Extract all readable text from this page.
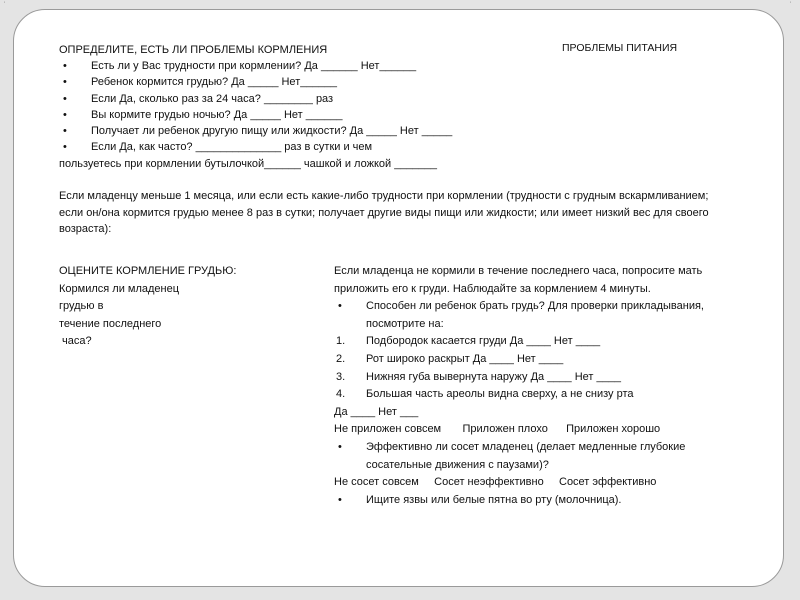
'	'
ОПРЕДЕЛИТЕ, ЕСТЬ ЛИ ПРОБЛЕМЫ КОРМЛЕНИЯ	ПРОБЛЕМЫ ПИТАНИЯ
• Есть ли у Вас трудности при кормлении? Да ______ Нет______
• Ребенок кормится грудью? Да _____ Нет______
• Если Да, сколько раз за 24 часа? ________ раз
• Вы кормите грудью ночью? Да _____ Нет ______
• Получает ли ребенок другую пищу или жидкости? Да _____ Нет _____
• Если Да, как часто? ______________ раз в сутки и чем
пользуетесь при кормлении бутылочкой______ чашкой и ложкой _______
Если младенцу меньше 1 месяца, или если есть какие-либо трудности при кормлении (трудности с грудным вскармливанием; если он/она кормится грудью менее 8 раз в сутки; получает другие виды пищи или жидкости; или имеет низкий вес для своего возраста):
ОЦЕНИТЕ КОРМЛЕНИЕ ГРУДЬЮ:
Кормился ли младенец
грудью в
течение последнего
часа?
Если младенца не кормили в течение последнего часа, попросите мать приложить его к груди. Наблюдайте за кормлением 4 минуты.
• Способен ли ребенок брать грудь? Для проверки прикладывания, посмотрите на:
1. Подбородок касается груди Да ____ Нет ____
2. Рот широко раскрыт Да ____ Нет ____
3. Нижняя губа вывернута наружу Да ____ Нет ____
4. Большая часть ареолы видна сверху, а не снизу рта
Да ____ Нет ___
Не приложен совсем       Приложен плохо      Приложен хорошо
• Эффективно ли сосет младенец (делает медленные глубокие сосательные движения с паузами)?
Не сосет совсем     Сосет неэффективно     Сосет эффективно
• Ищите язвы или белые пятна во рту (молочница).
